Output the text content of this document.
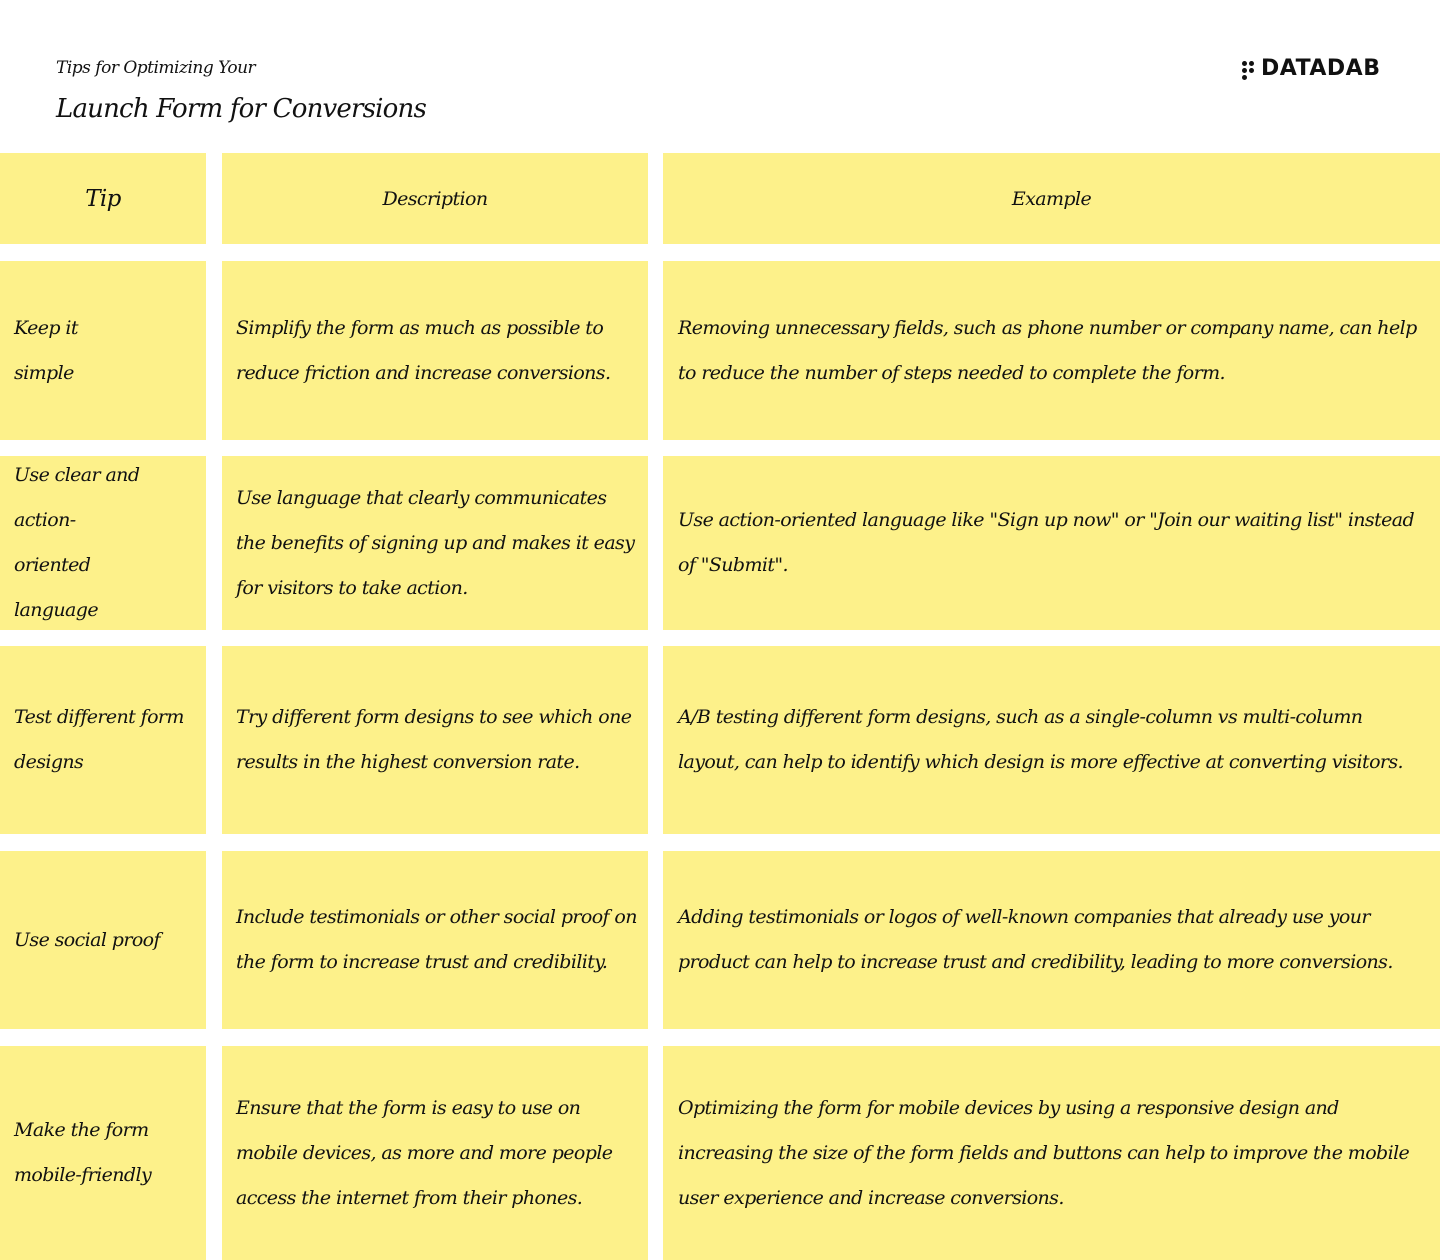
Tips for Optimizing Your
Launch Form for Conversions
DATADAB
Tip	Description	Example
Keep it simple
Simplify the form as much as possible to reduce friction and increase conversions.
Removing unnecessary fields, such as phone number or company name, can help to reduce the number of steps needed to complete the form.
Use clear and action-oriented language
Use language that clearly communicates the benefits of signing up and makes it easy for visitors to take action.
Use action-oriented language like "Sign up now" or "Join our waiting list" instead of "Submit".
Test different form designs
Try different form designs to see which one results in the highest conversion rate.
A/B testing different form designs, such as a single-column vs multi-column layout, can help to identify which design is more effective at converting visitors.
Use social proof
Include testimonials or other social proof on the form to increase trust and credibility.
Adding testimonials or logos of well-known companies that already use your product can help to increase trust and credibility, leading to more conversions.
Make the form mobile-friendly
Ensure that the form is easy to use on mobile devices, as more and more people access the internet from their phones.
Optimizing the form for mobile devices by using a responsive design and increasing the size of the form fields and buttons can help to improve the mobile user experience and increase conversions.
